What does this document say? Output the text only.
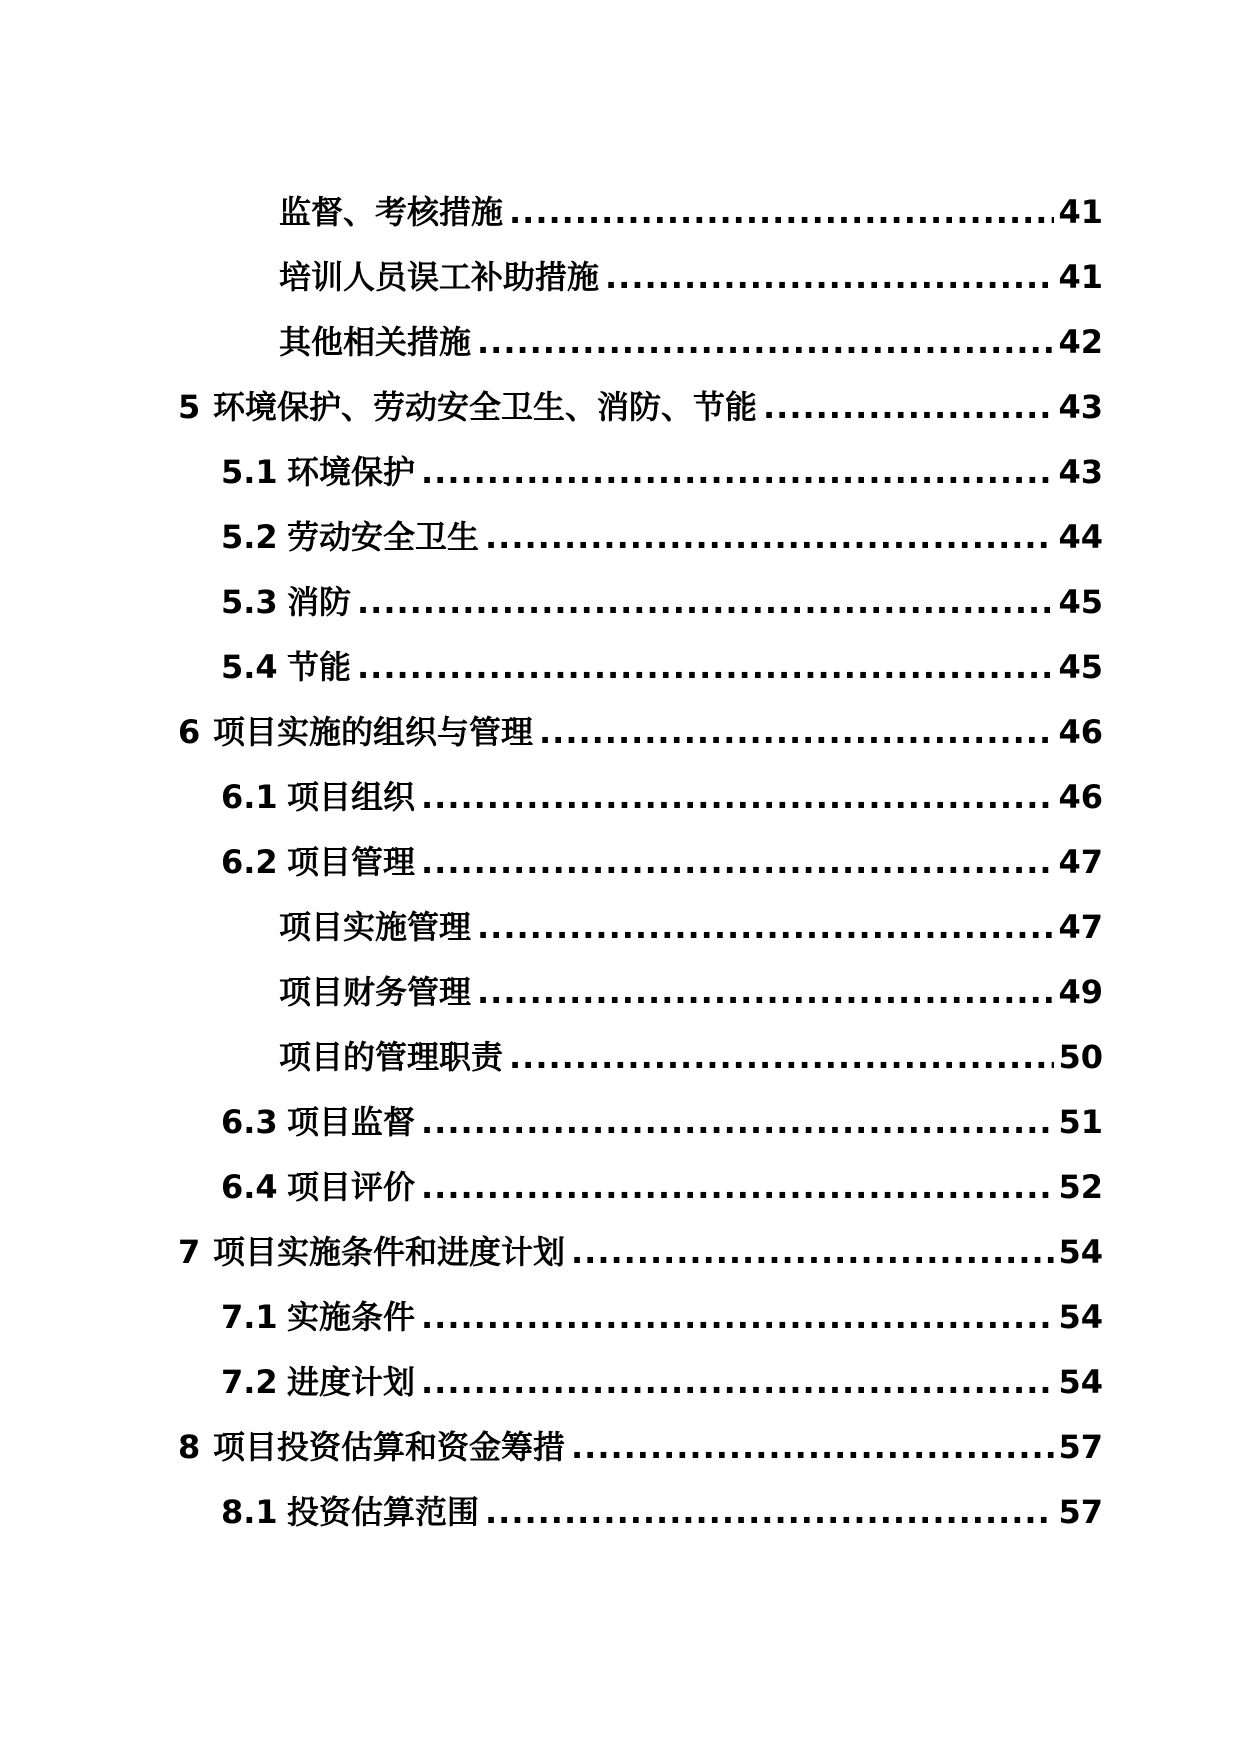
监督、考核措施 .....	41
培训人员误工补助措施 .....	41
其他相关措施 .....	42
5 环境保护、劳动安全卫生、消防、节能 .....	43
5.1 环境保护 .....	43
5.2 劳动安全卫生 .....	44
5.3 消防 .....	45
5.4 节能 .....	45
6 项目实施的组织与管理 .....	46
6.1 项目组织 .....	46
6.2 项目管理 .....	47
项目实施管理 .....	47
项目财务管理 .....	49
项目的管理职责 .....	50
6.3 项目监督 .....	51
6.4 项目评价 .....	52
7 项目实施条件和进度计划 .....	54
7.1 实施条件 .....	54
7.2 进度计划 .....	54
8 项目投资估算和资金筹措 .....	57
8.1 投资估算范围 .....	57
